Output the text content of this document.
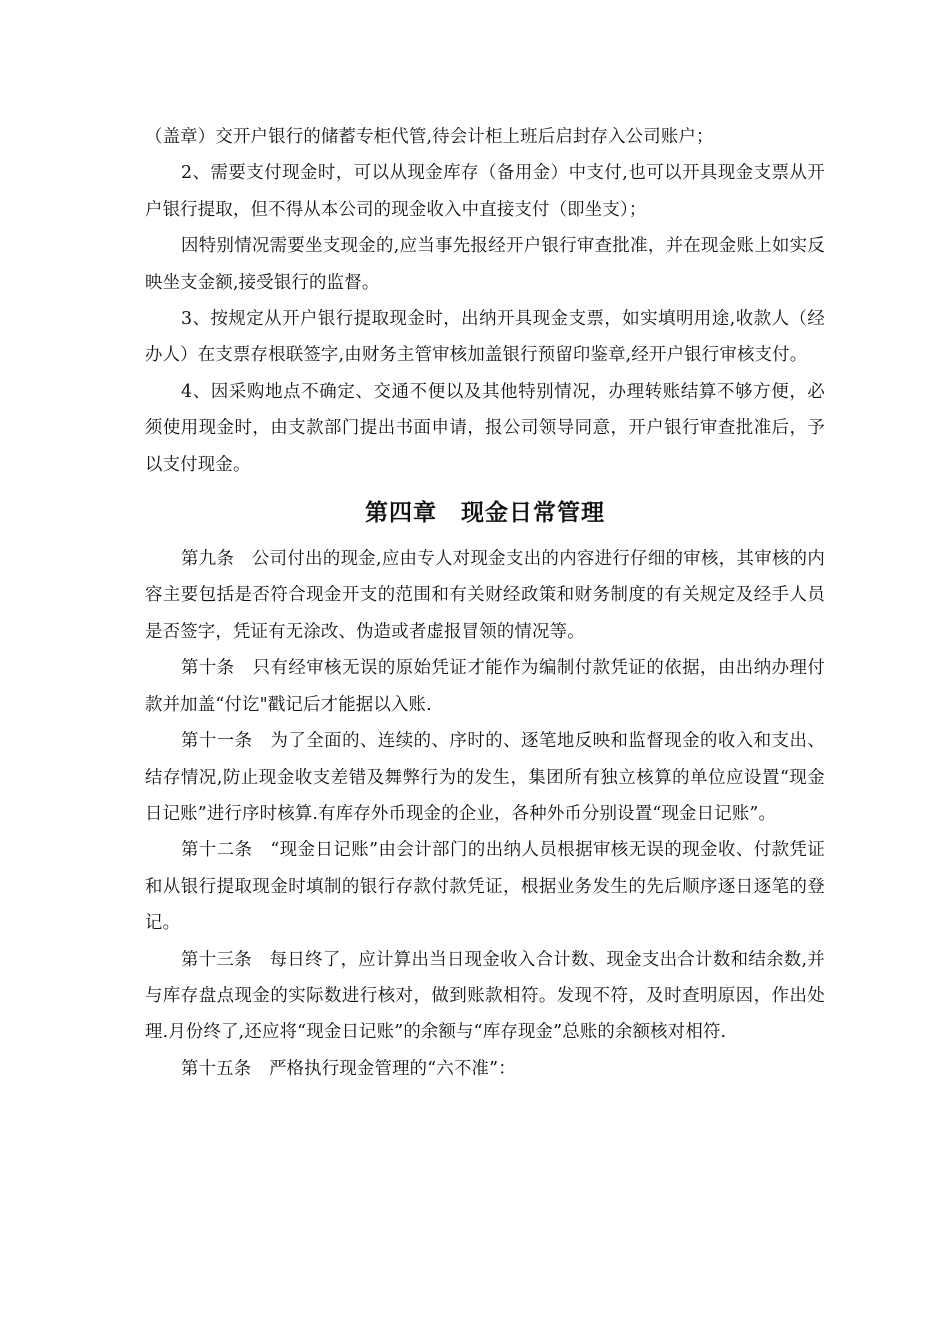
（盖章）交开户银行的储蓄专柜代管,待会计柜上班后启封存入公司账户；

2、需要支付现金时，可以从现金库存（备用金）中支付,也可以开具现金支票从开户银行提取，但不得从本公司的现金收入中直接支付（即坐支）；

因特别情况需要坐支现金的,应当事先报经开户银行审查批准，并在现金账上如实反映坐支金额,接受银行的监督。

3、按规定从开户银行提取现金时，出纳开具现金支票，如实填明用途,收款人（经办人）在支票存根联签字,由财务主管审核加盖银行预留印鉴章,经开户银行审核支付。

4、因采购地点不确定、交通不便以及其他特别情况，办理转账结算不够方便，必须使用现金时，由支款部门提出书面申请，报公司领导同意，开户银行审查批准后，予以支付现金。

第四章　现金日常管理

第九条　公司付出的现金,应由专人对现金支出的内容进行仔细的审核，其审核的内容主要包括是否符合现金开支的范围和有关财经政策和财务制度的有关规定及经手人员是否签字，凭证有无涂改、伪造或者虚报冒领的情况等。

第十条　只有经审核无误的原始凭证才能作为编制付款凭证的依据，由出纳办理付款并加盖“付讫"戳记后才能据以入账.

第十一条　为了全面的、连续的、序时的、逐笔地反映和监督现金的收入和支出、结存情况,防止现金收支差错及舞弊行为的发生，集团所有独立核算的单位应设置“现金日记账”进行序时核算.有库存外币现金的企业，各种外币分别设置“现金日记账”。

第十二条　“现金日记账”由会计部门的出纳人员根据审核无误的现金收、付款凭证和从银行提取现金时填制的银行存款付款凭证，根据业务发生的先后顺序逐日逐笔的登记。

第十三条　每日终了，应计算出当日现金收入合计数、现金支出合计数和结余数,并与库存盘点现金的实际数进行核对，做到账款相符。发现不符，及时查明原因，作出处理.月份终了,还应将“现金日记账”的余额与“库存现金”总账的余额核对相符.

第十五条　严格执行现金管理的“六不准”：
